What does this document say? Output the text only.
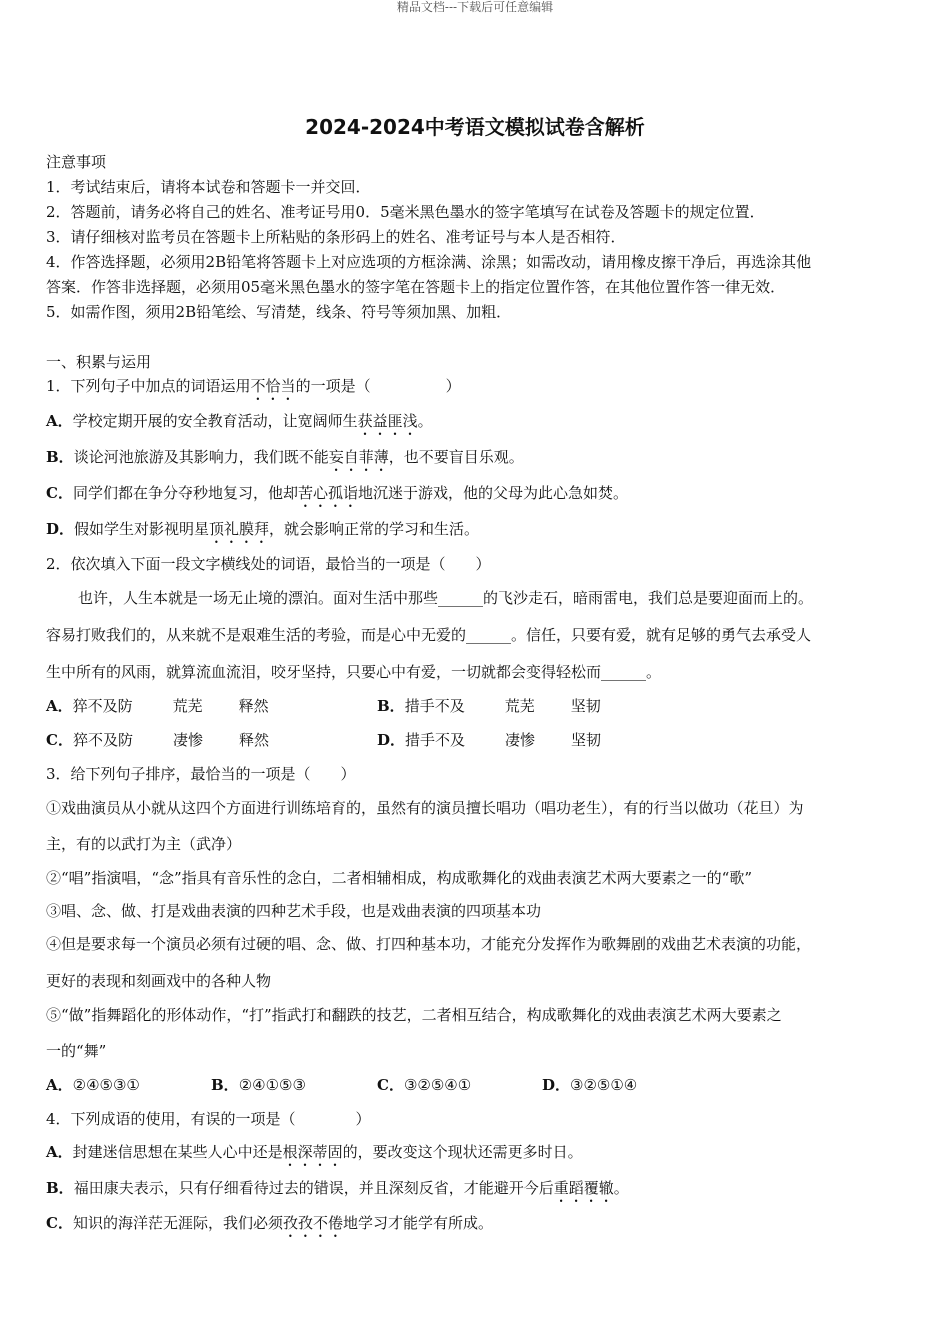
精品文档---下载后可任意编辑
2024-2024中考语文模拟试卷含解析
注意事项
1．考试结束后，请将本试卷和答题卡一并交回．
2．答题前，请务必将自己的姓名、准考证号用0．5毫米黑色墨水的签字笔填写在试卷及答题卡的规定位置．
3．请仔细核对监考员在答题卡上所粘贴的条形码上的姓名、准考证号与本人是否相符．
4．作答选择题，必须用2B铅笔将答题卡上对应选项的方框涂满、涂黑；如需改动，请用橡皮擦干净后，再选涂其他
答案．作答非选择题，必须用05毫米黑色墨水的签字笔在答题卡上的指定位置作答，在其他位置作答一律无效．
5．如需作图，须用2B铅笔绘、写清楚，线条、符号等须加黑、加粗．
一、积累与运用
1．下列句子中加点的词语运用不恰当的一项是（　　　　　）
A．学校定期开展的安全教育活动，让宽阔师生获益匪浅。
B．谈论河池旅游及其影响力，我们既不能妄自菲薄，也不要盲目乐观。
C．同学们都在争分夺秒地复习，他却苦心孤诣地沉迷于游戏，他的父母为此心急如焚。
D．假如学生对影视明星顶礼膜拜，就会影响正常的学习和生活。
2．依次填入下面一段文字横线处的词语，最恰当的一项是（　　）
也许，人生本就是一场无止境的漂泊。面对生活中那些______的飞沙走石，暗雨雷电，我们总是要迎面而上的。
容易打败我们的，从来就不是艰难生活的考验，而是心中无爱的______。信任，只要有爱，就有足够的勇气去承受人
生中所有的风雨，就算流血流泪，咬牙坚持，只要心中有爱，一切就都会变得轻松而______。
A．猝不及防	荒芜 释然	B．措手不及	荒芜 坚韧
C．猝不及防	凄惨 释然	D．措手不及	凄惨 坚韧
3．给下列句子排序，最恰当的一项是（　　）
①戏曲演员从小就从这四个方面进行训练培育的，虽然有的演员擅长唱功（唱功老生），有的行当以做功（花旦）为
主，有的以武打为主（武净）
②“唱”指演唱，“念”指具有音乐性的念白，二者相辅相成，构成歌舞化的戏曲表演艺术两大要素之一的“歌”
③唱、念、做、打是戏曲表演的四种艺术手段，也是戏曲表演的四项基本功
④但是要求每一个演员必须有过硬的唱、念、做、打四种基本功，才能充分发挥作为歌舞剧的戏曲艺术表演的功能，
更好的表现和刻画戏中的各种人物
⑤“做”指舞蹈化的形体动作，“打”指武打和翻跌的技艺，二者相互结合，构成歌舞化的戏曲表演艺术两大要素之
一的“舞”
A．②④⑤③①	B．②④①⑤③	C．③②⑤④①	D．③②⑤①④
4．下列成语的使用，有误的一项是（　　　　）
A．封建迷信思想在某些人心中还是根深蒂固的，要改变这个现状还需更多时日。
B．福田康夫表示，只有仔细看待过去的错误，并且深刻反省，才能避开今后重蹈覆辙。
C．知识的海洋茫无涯际，我们必须孜孜不倦地学习才能学有所成。
